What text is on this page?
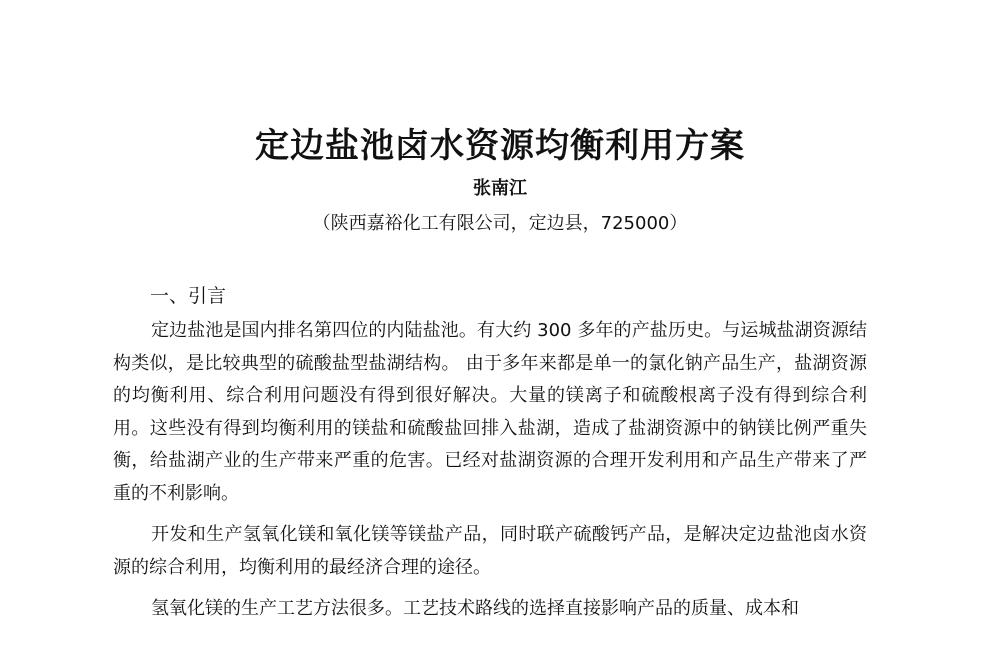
定边盐池卤水资源均衡利用方案
张南江
（陕西嘉裕化工有限公司，定边县，725000）
一、引言

定边盐池是国内排名第四位的内陆盐池。有大约 300 多年的产盐历史。与运城盐湖资源结构类似，是比较典型的硫酸盐型盐湖结构。 由于多年来都是单一的氯化钠产品生产，盐湖资源的均衡利用、综合利用问题没有得到很好解决。大量的镁离子和硫酸根离子没有得到综合利用。这些没有得到均衡利用的镁盐和硫酸盐回排入盐湖，造成了盐湖资源中的钠镁比例严重失衡，给盐湖产业的生产带来严重的危害。已经对盐湖资源的合理开发利用和产品生产带来了严重的不利影响。

开发和生产氢氧化镁和氧化镁等镁盐产品，同时联产硫酸钙产品，是解决定边盐池卤水资源的综合利用，均衡利用的最经济合理的途径。

氢氧化镁的生产工艺方法很多。工艺技术路线的选择直接影响产品的质量、成本和
